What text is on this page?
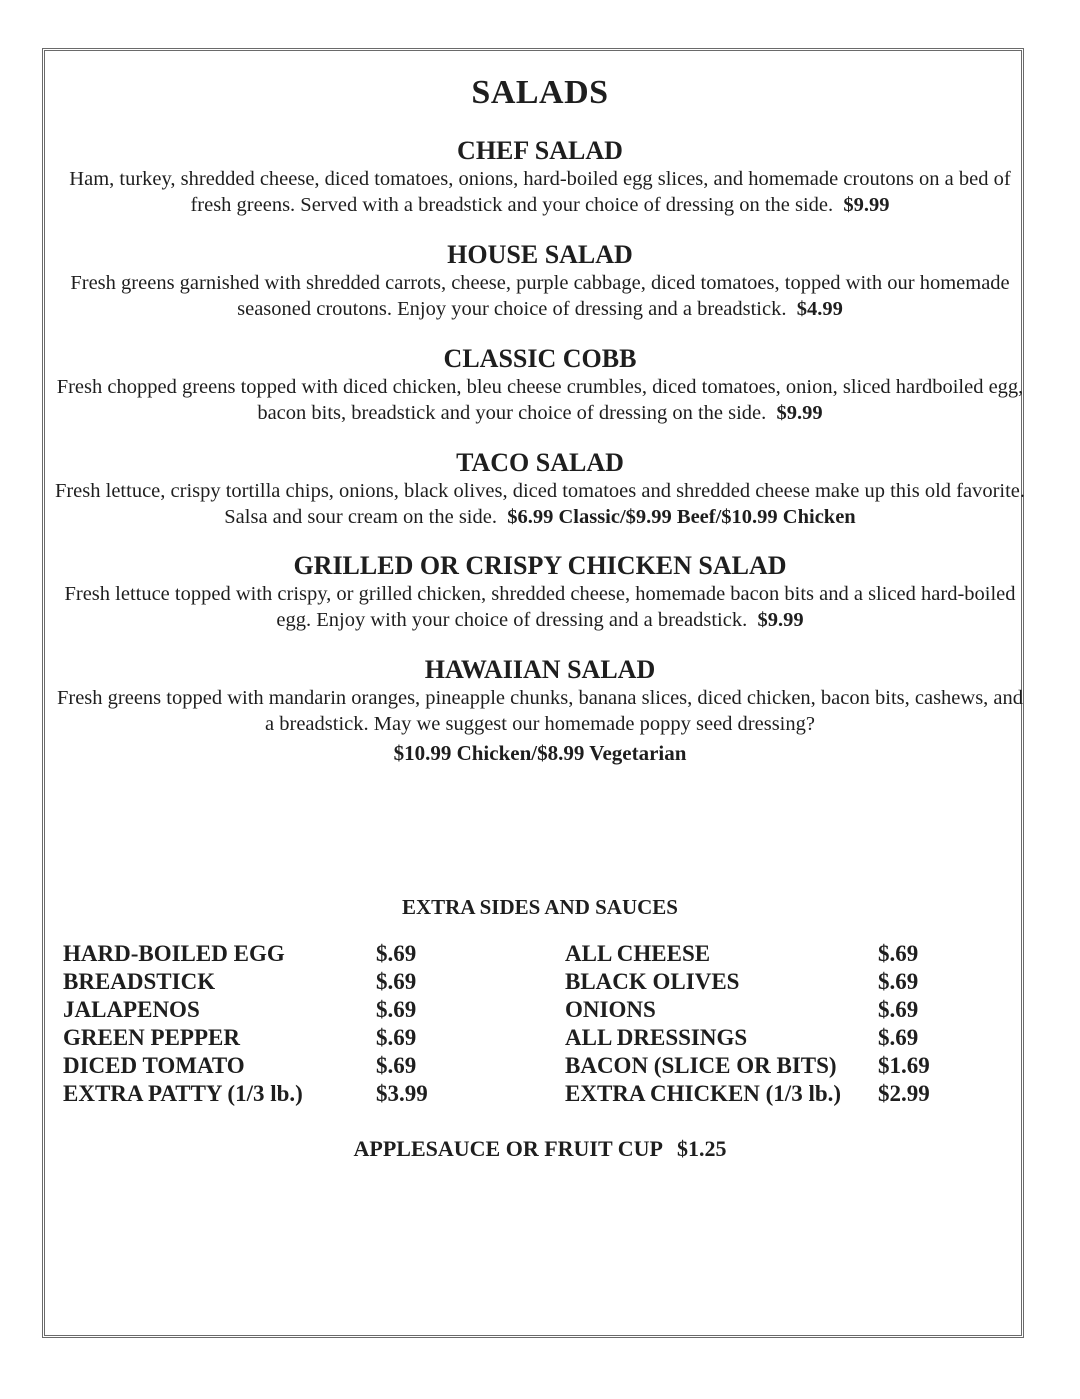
SALADS
CHEF SALAD
Ham, turkey, shredded cheese, diced tomatoes, onions, hard-boiled egg slices, and homemade croutons on a bed of fresh greens. Served with a breadstick and your choice of dressing on the side. $9.99
HOUSE SALAD
Fresh greens garnished with shredded carrots, cheese, purple cabbage, diced tomatoes, topped with our homemade seasoned croutons. Enjoy your choice of dressing and a breadstick. $4.99
CLASSIC COBB
Fresh chopped greens topped with diced chicken, bleu cheese crumbles, diced tomatoes, onion, sliced hardboiled egg, bacon bits, breadstick and your choice of dressing on the side. $9.99
TACO SALAD
Fresh lettuce, crispy tortilla chips, onions, black olives, diced tomatoes and shredded cheese make up this old favorite. Salsa and sour cream on the side. $6.99 Classic/$9.99 Beef/$10.99 Chicken
GRILLED OR CRISPY CHICKEN SALAD
Fresh lettuce topped with crispy, or grilled chicken, shredded cheese, homemade bacon bits and a sliced hard-boiled egg. Enjoy with your choice of dressing and a breadstick. $9.99
HAWAIIAN SALAD
Fresh greens topped with mandarin oranges, pineapple chunks, banana slices, diced chicken, bacon bits, cashews, and a breadstick. May we suggest our homemade poppy seed dressing?
$10.99 Chicken/$8.99 Vegetarian
EXTRA SIDES AND SAUCES
HARD-BOILED EGG	$.69
BREADSTICK	$.69
JALAPENOS	$.69
GREEN PEPPER	$.69
DICED TOMATO	$.69
EXTRA PATTY (1/3 lb.)	$3.99
ALL CHEESE	$.69
BLACK OLIVES	$.69
ONIONS	$.69
ALL DRESSINGS	$.69
BACON (SLICE OR BITS)	$1.69
EXTRA CHICKEN (1/3 lb.)	$2.99
APPLESAUCE OR FRUIT CUP $1.25
